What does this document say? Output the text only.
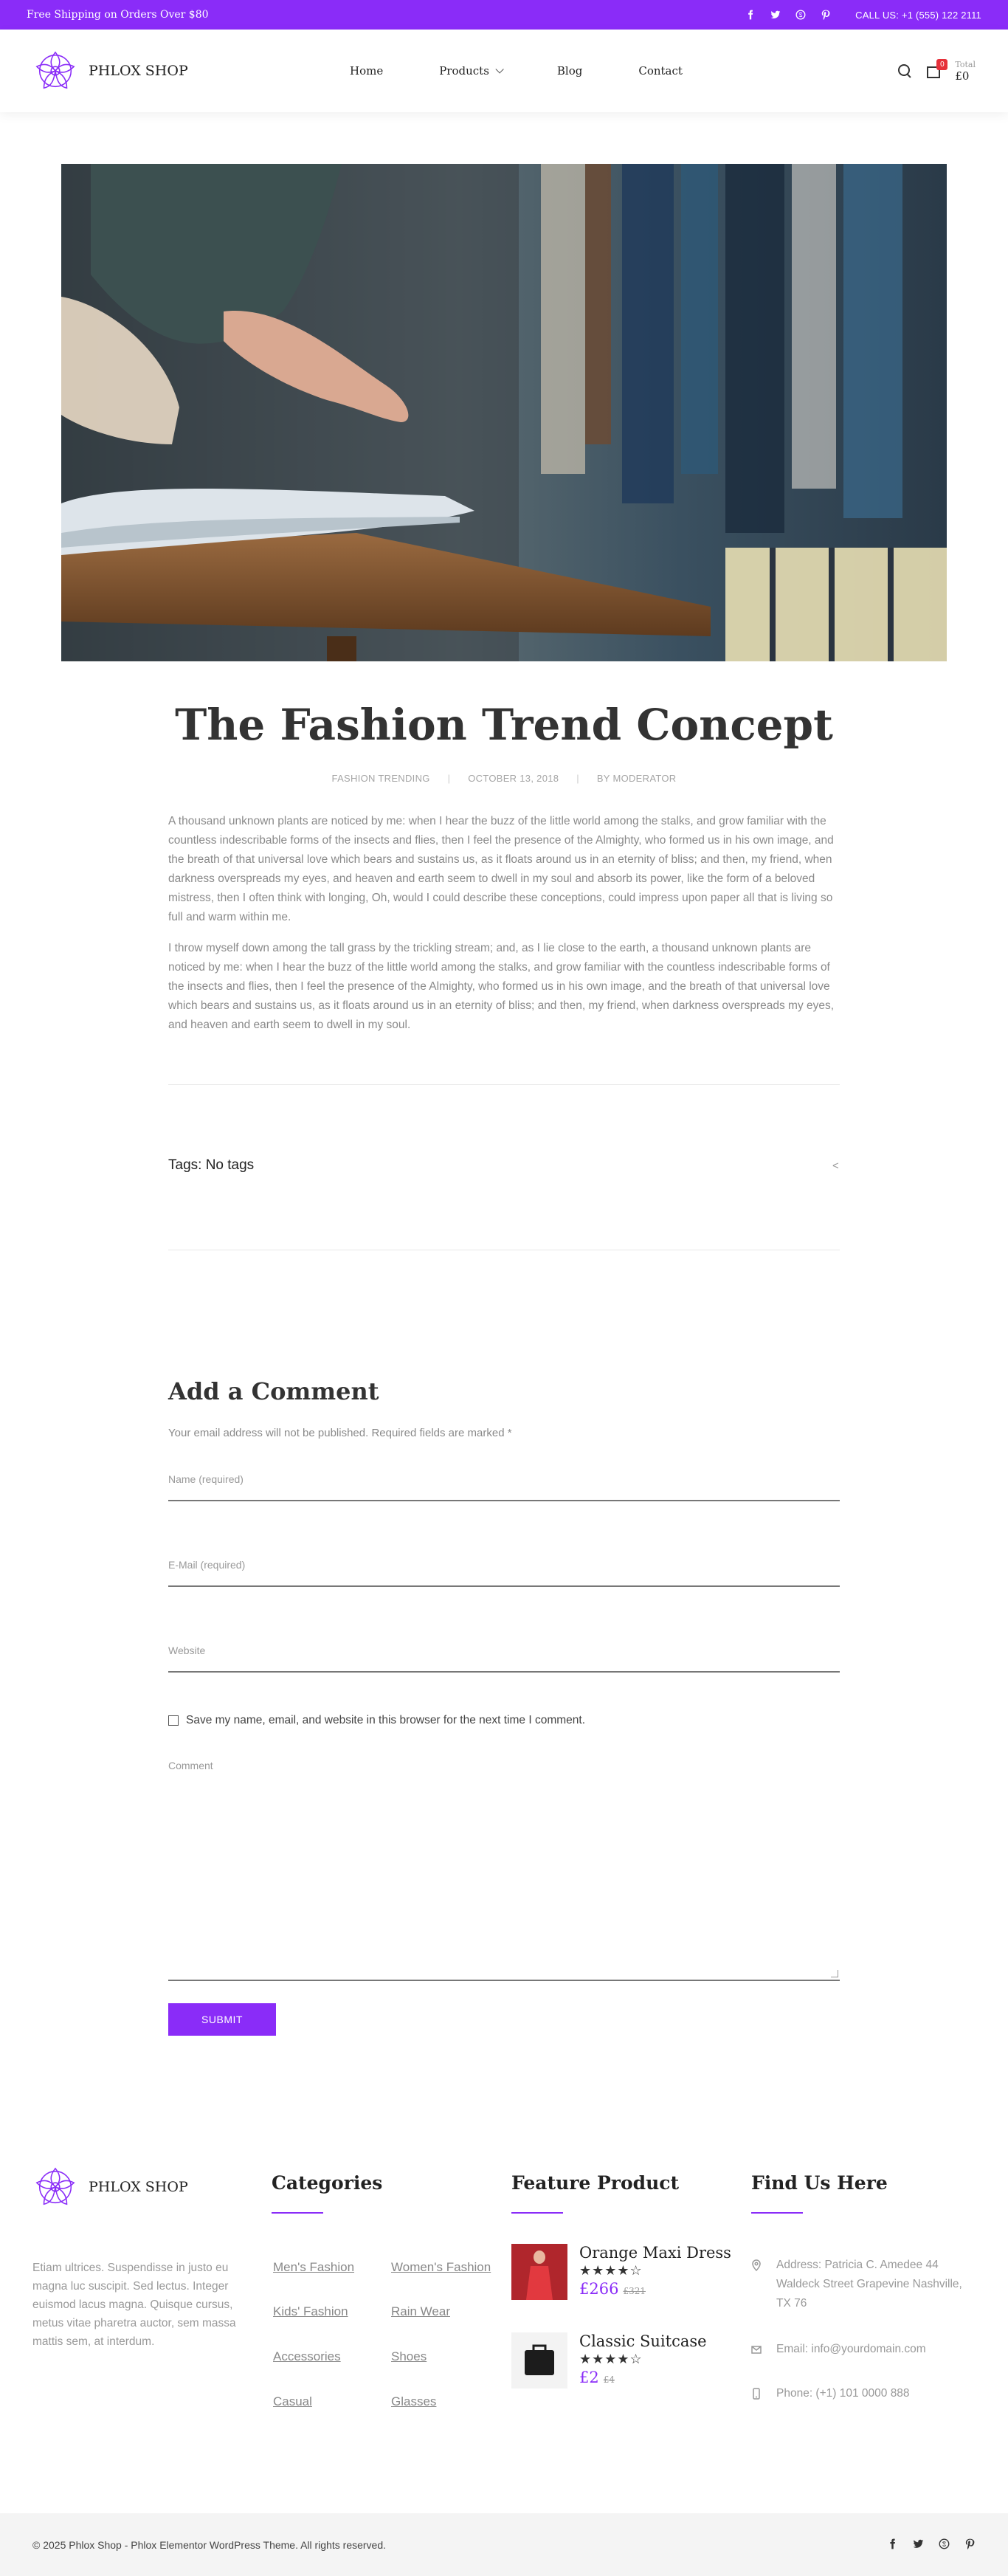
Free Shipping on Orders Over $80	CALL US: +1 (555) 122 2111
PHLOX SHOP	Home	Products	Blog	Contact	0	Total
£0
The Fashion Trend Concept
FASHION TRENDING | OCTOBER 13, 2018 | BY MODERATOR

A thousand unknown plants are noticed by me: when I hear the buzz of the little world among the stalks, and grow familiar with the countless indescribable forms of the insects and flies, then I feel the presence of the Almighty, who formed us in his own image, and the breath of that universal love which bears and sustains us, as it floats around us in an eternity of bliss; and then, my friend, when darkness overspreads my eyes, and heaven and earth seem to dwell in my soul and absorb its power, like the form of a beloved mistress, then I often think with longing, Oh, would I could describe these conceptions, could impress upon paper all that is living so full and warm within me.

I throw myself down among the tall grass by the trickling stream; and, as I lie close to the earth, a thousand unknown plants are noticed by me: when I hear the buzz of the little world among the stalks, and grow familiar with the countless indescribable forms of the insects and flies, then I feel the presence of the Almighty, who formed us in his own image, and the breath of that universal love which bears and sustains us, as it floats around us in an eternity of bliss; and then, my friend, when darkness overspreads my eyes, and heaven and earth seem to dwell in my soul.

Tags: No tags
<
Add a Comment

Your email address will not be published. Required fields are marked *

Name (required)
E-Mail (required)
Website
Save my name, email, and website in this browser for the next time I comment.
Comment
SUBMIT
PHLOX SHOP

Etiam ultrices. Suspendisse in justo eu magna luc suscipit. Sed lectus. Integer euismod lacus magna. Quisque cursus, metus vitae pharetra auctor, sem massa mattis sem, at interdum.

Categories
Men's Fashion	Women's Fashion
Kids' Fashion	Rain Wear
Accessories	Shoes
Casual	Glasses
Feature Product
Orange Maxi Dress
★★★★☆
£266 £321
Classic Suitcase
★★★★☆
£2 £4
Find Us Here
Address: Patricia C. Amedee 44 Waldeck Street Grapevine Nashville, TX 76
Email: info@yourdomain.com
Phone: (+1) 101 0000 888
© 2025 Phlox Shop - Phlox Elementor WordPress Theme. All rights reserved.
